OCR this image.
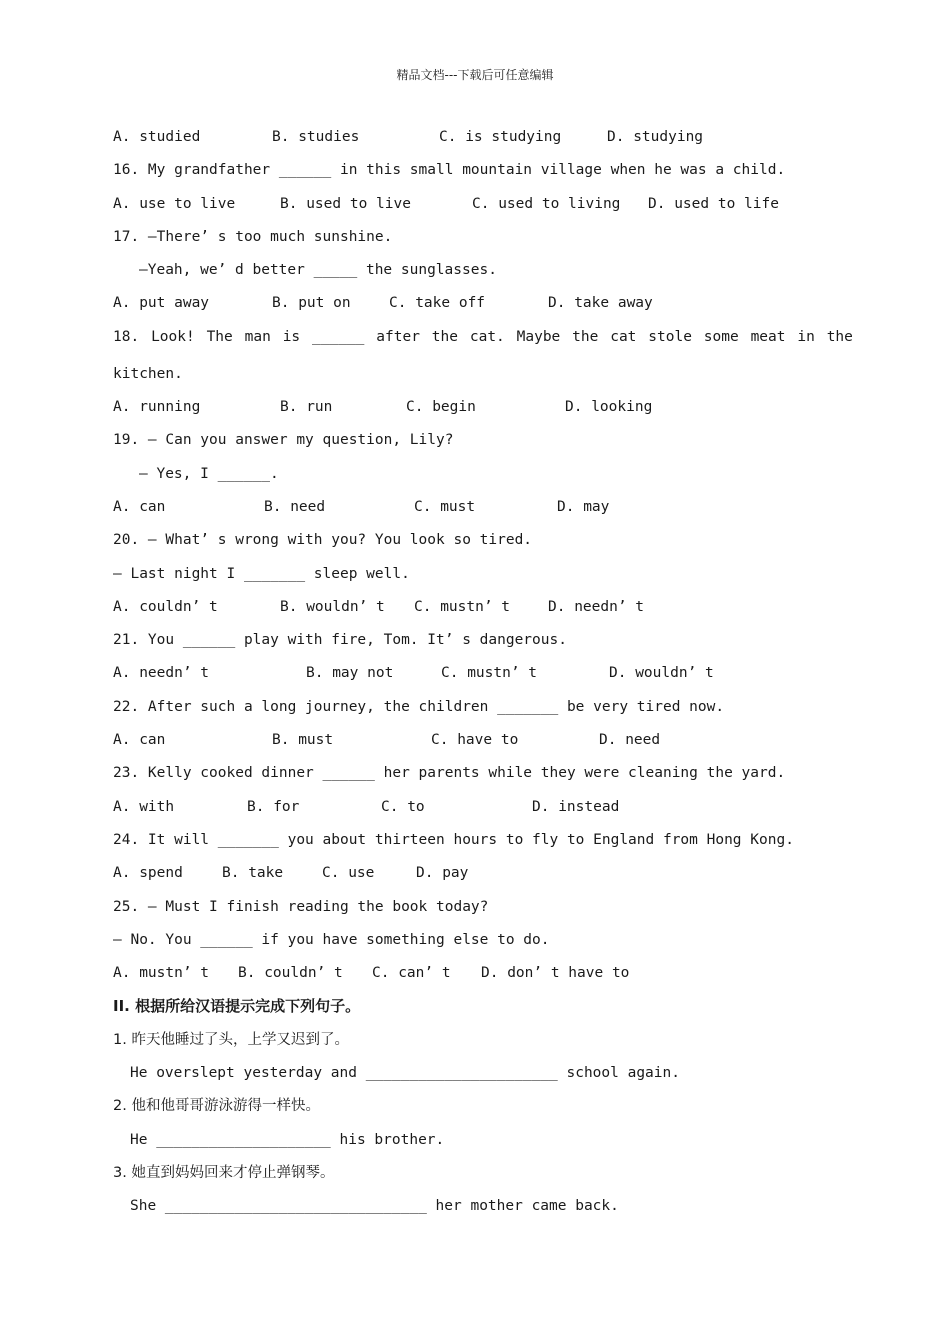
精品文档---下载后可任意编辑

A. studied

	B. studies

	C. is studying

	D. studying

16. My grandfather ______ in this small mountain village when he was a child.

A. use to live

	B. used to live

	C. used to living

D. used to life

17. —There’ s too much sunshine.
—Yeah, we’ d better _____ the sunglasses.

A. put away

	B. put on

	C. take off

	D. take away

18. Look! The man is ______ after the cat. Maybe the cat stole some meat in the
kitchen.

A. running

	B. run

	C. begin

	D. looking

19. — Can you answer my question, Lily?
— Yes, I ______.

A. can

	B. need

	C. must

	D. may

20. — What’ s wrong with you? You look so tired.
— Last night I _______ sleep well.

A. couldn’ t

	B. wouldn’ t

C. mustn’ t

	D. needn’ t

21. You ______ play with fire, Tom. It’ s dangerous.

A. needn’ t

	B. may not

	C. mustn’ t

	D. wouldn’ t

22. After such a long journey, the children _______ be very tired now.

A. can

	B. must

	C. have to

	D. need

23. Kelly cooked dinner ______ her parents while they were cleaning the yard.

A. with

	B. for

	C. to

	D. instead

24. It will _______ you about thirteen hours to fly to England from Hong Kong.

A. spend

	B. take

	C. use

	D. pay

25. — Must I finish reading the book today?
— No. You ______ if you have something else to do.

A. mustn’ t

B. couldn’ t

C. can’ t

D. don’ t have to

II. 根据所给汉语提示完成下列句子。
1. 昨天他睡过了头，上学又迟到了。
He overslept yesterday and ______________________ school again.
2. 他和他哥哥游泳游得一样快。
He ____________________ his brother.
3. 她直到妈妈回来才停止弹钢琴。
She ______________________________ her mother came back.
